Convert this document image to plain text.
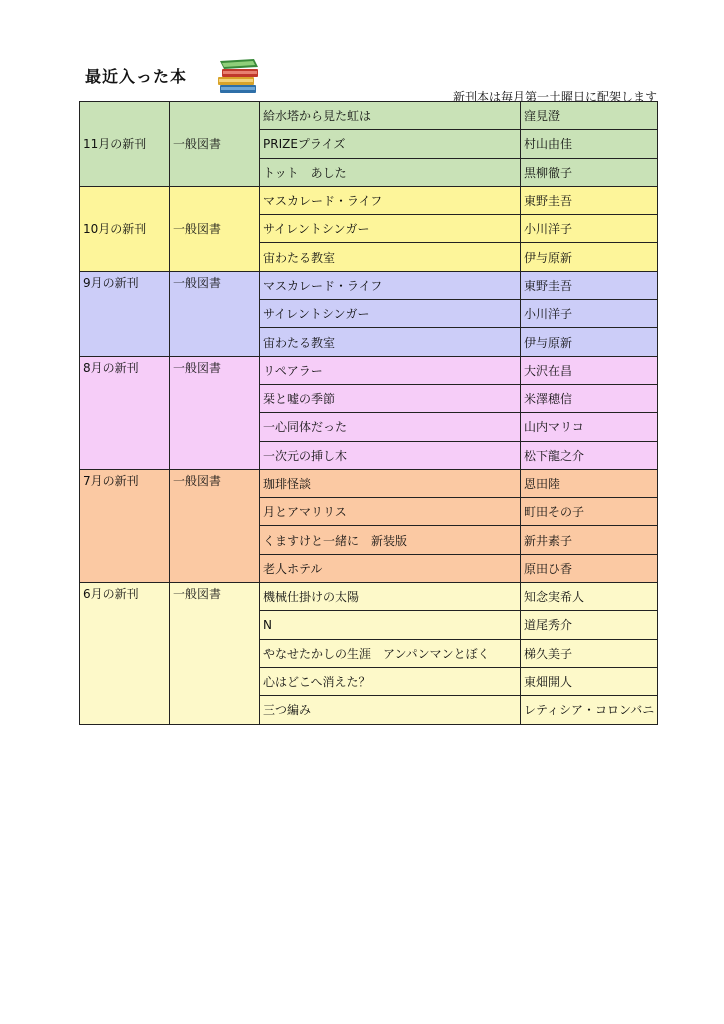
最近入った本
新刊本は毎月第一土曜日に配架します
11月の新刊	一般図書	給水塔から見た虹は	窪見澄
		PRIZEプライズ	村山由佳
		トット　あした	黒柳徹子
10月の新刊	一般図書	マスカレード・ライフ	東野圭吾
		サイレントシンガー	小川洋子
		宙わたる教室	伊与原新
9月の新刊	一般図書	マスカレード・ライフ	東野圭吾
		サイレントシンガー	小川洋子
		宙わたる教室	伊与原新
8月の新刊	一般図書	リペアラー	大沢在昌
		栞と嘘の季節	米澤穂信
		一心同体だった	山内マリコ
		一次元の挿し木	松下龍之介
7月の新刊	一般図書	珈琲怪談	恩田陸
		月とアマリリス	町田その子
		くますけと一緒に　新装版	新井素子
		老人ホテル	原田ひ香
6月の新刊	一般図書	機械仕掛けの太陽	知念実希人
		N	道尾秀介
		やなせたかしの生涯　アンパンマンとぼく	梯久美子
		心はどこへ消えた？	東畑開人
		三つ編み	レティシア・コロンバニ
